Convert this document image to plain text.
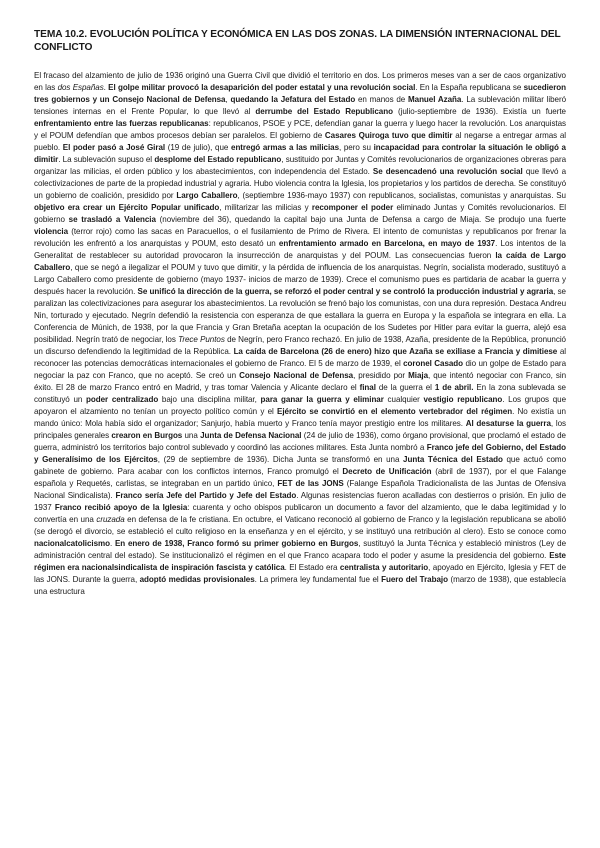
TEMA 10.2. EVOLUCIÓN POLÍTICA Y ECONÓMICA EN LAS DOS ZONAS. LA DIMENSIÓN INTERNACIONAL DEL CONFLICTO

El fracaso del alzamiento de julio de 1936 originó una Guerra Civil que dividió el territorio en dos. Los primeros meses van a ser de caos organizativo en las dos Españas. El golpe militar provocó la desaparición del poder estatal y una revolución social. En la España republicana se sucedieron tres gobiernos y un Consejo Nacional de Defensa, quedando la Jefatura del Estado en manos de Manuel Azaña. La sublevación militar liberó tensiones internas en el Frente Popular, lo que llevó al derrumbe del Estado Republicano (julio-septiembre de 1936). Existía un fuerte enfrentamiento entre las fuerzas republicanas: republicanos, PSOE y PCE, defendían ganar la guerra y luego hacer la revolución. Los anarquistas y el POUM defendían que ambos procesos debían ser paralelos. El gobierno de Casares Quiroga tuvo que dimitir al negarse a entregar armas al pueblo. El poder pasó a José Giral (19 de julio), que entregó armas a las milicias, pero su incapacidad para controlar la situación le obligó a dimitir. La sublevación supuso el desplome del Estado republicano, sustituido por Juntas y Comités revolucionarios de organizaciones obreras para organizar las milicias, el orden público y los abastecimientos, con independencia del Estado. Se desencadenó una revolución social que llevó a colectivizaciones de parte de la propiedad industrial y agraria. Hubo violencia contra la Iglesia, los propietarios y los partidos de derecha. Se constituyó un gobierno de coalición, presidido por Largo Caballero, (septiembre 1936-mayo 1937) con republicanos, socialistas, comunistas y anarquistas. Su objetivo era crear un Ejército Popular unificado, militarizar las milicias y recomponer el poder eliminado Juntas y Comités revolucionarios. El gobierno se trasladó a Valencia (noviembre del 36), quedando la capital bajo una Junta de Defensa a cargo de Miaja. Se produjo una fuerte violencia (terror rojo) como las sacas en Paracuellos, o el fusilamiento de Primo de Rivera. El intento de comunistas y republicanos por frenar la revolución les enfrentó a los anarquistas y POUM, esto desató un enfrentamiento armado en Barcelona, en mayo de 1937. Los intentos de la Generalitat de restablecer su autoridad provocaron la insurrección de anarquistas y del POUM. Las consecuencias fueron la caída de Largo Caballero, que se negó a ilegalizar el POUM y tuvo que dimitir, y la pérdida de influencia de los anarquistas. Negrín, socialista moderado, sustituyó a Largo Caballero como presidente de gobierno (mayo 1937- inicios de marzo de 1939). Crece el comunismo pues es partidaria de acabar la guerra y después hacer la revolución. Se unificó la dirección de la guerra, se reforzó el poder central y se controló la producción industrial y agraria, se paralizan las colectivizaciones para asegurar los abastecimientos. La revolución se frenó bajo los comunistas, con una dura represión. Destaca Andreu Nin, torturado y ejecutado. Negrín defendió la resistencia con esperanza de que estallara la guerra en Europa y la española se integrara en ella. La Conferencia de Múnich, de 1938, por la que Francia y Gran Bretaña aceptan la ocupación de los Sudetes por Hitler para evitar la guerra, alejó esa posibilidad. Negrín trató de negociar, los Trece Puntos de Negrín, pero Franco rechazó. En julio de 1938, Azaña, presidente de la República, pronunció un discurso defendiendo la legitimidad de la República. La caída de Barcelona (26 de enero) hizo que Azaña se exiliase a Francia y dimitiese al reconocer las potencias democráticas internacionales el gobierno de Franco. El 5 de marzo de 1939, el coronel Casado dio un golpe de Estado para negociar la paz con Franco, que no aceptó. Se creó un Consejo Nacional de Defensa, presidido por Miaja, que intentó negociar con Franco, sin éxito. El 28 de marzo Franco entró en Madrid, y tras tomar Valencia y Alicante declaro el final de la guerra el 1 de abril. En la zona sublevada se constituyó un poder centralizado bajo una disciplina militar, para ganar la guerra y eliminar cualquier vestigio republicano. Los grupos que apoyaron el alzamiento no tenían un proyecto político común y el Ejército se convirtió en el elemento vertebrador del régimen. No existía un mando único: Mola había sido el organizador; Sanjurjo, había muerto y Franco tenía mayor prestigio entre los militares. Al desaturse la guerra, los principales generales crearon en Burgos una Junta de Defensa Nacional (24 de julio de 1936), como órgano provisional, que proclamó el estado de guerra, administró los territorios bajo control sublevado y coordinó las acciones militares. Esta Junta nombró a Franco jefe del Gobierno, del Estado y Generalísimo de los Ejércitos, (29 de septiembre de 1936). Dicha Junta se transformó en una Junta Técnica del Estado que actuó como gabinete de gobierno. Para acabar con los conflictos internos, Franco promulgó el Decreto de Unificación (abril de 1937), por el que Falange española y Requetés, carlistas, se integraban en un partido único, FET de las JONS (Falange Española Tradicionalista de las Juntas de Ofensiva Nacional Sindicalista). Franco sería Jefe del Partido y Jefe del Estado. Algunas resistencias fueron acalladas con destierros o prisión. En julio de 1937 Franco recibió apoyo de la Iglesia: cuarenta y ocho obispos publicaron un documento a favor del alzamiento, que le daba legitimidad y lo convertía en una cruzada en defensa de la fe cristiana. En octubre, el Vaticano reconoció al gobierno de Franco y la legislación republicana se abolió (se derogó el divorcio, se estableció el culto religioso en la enseñanza y en el ejército, y se instituyó una retribución al clero). Esto se conoce como nacionalcatolicismo. En enero de 1938, Franco formó su primer gobierno en Burgos, sustituyó la Junta Técnica y estableció ministros (Ley de administración central del estado). Se institucionalizó el régimen en el que Franco acapara todo el poder y asume la presidencia del gobierno. Este régimen era nacionalsindicalista de inspiración fascista y católica. El Estado era centralista y autoritario, apoyado en Ejército, Iglesia y FET de las JONS. Durante la guerra, adoptó medidas provisionales. La primera ley fundamental fue el Fuero del Trabajo (marzo de 1938), que establecía una estructura
